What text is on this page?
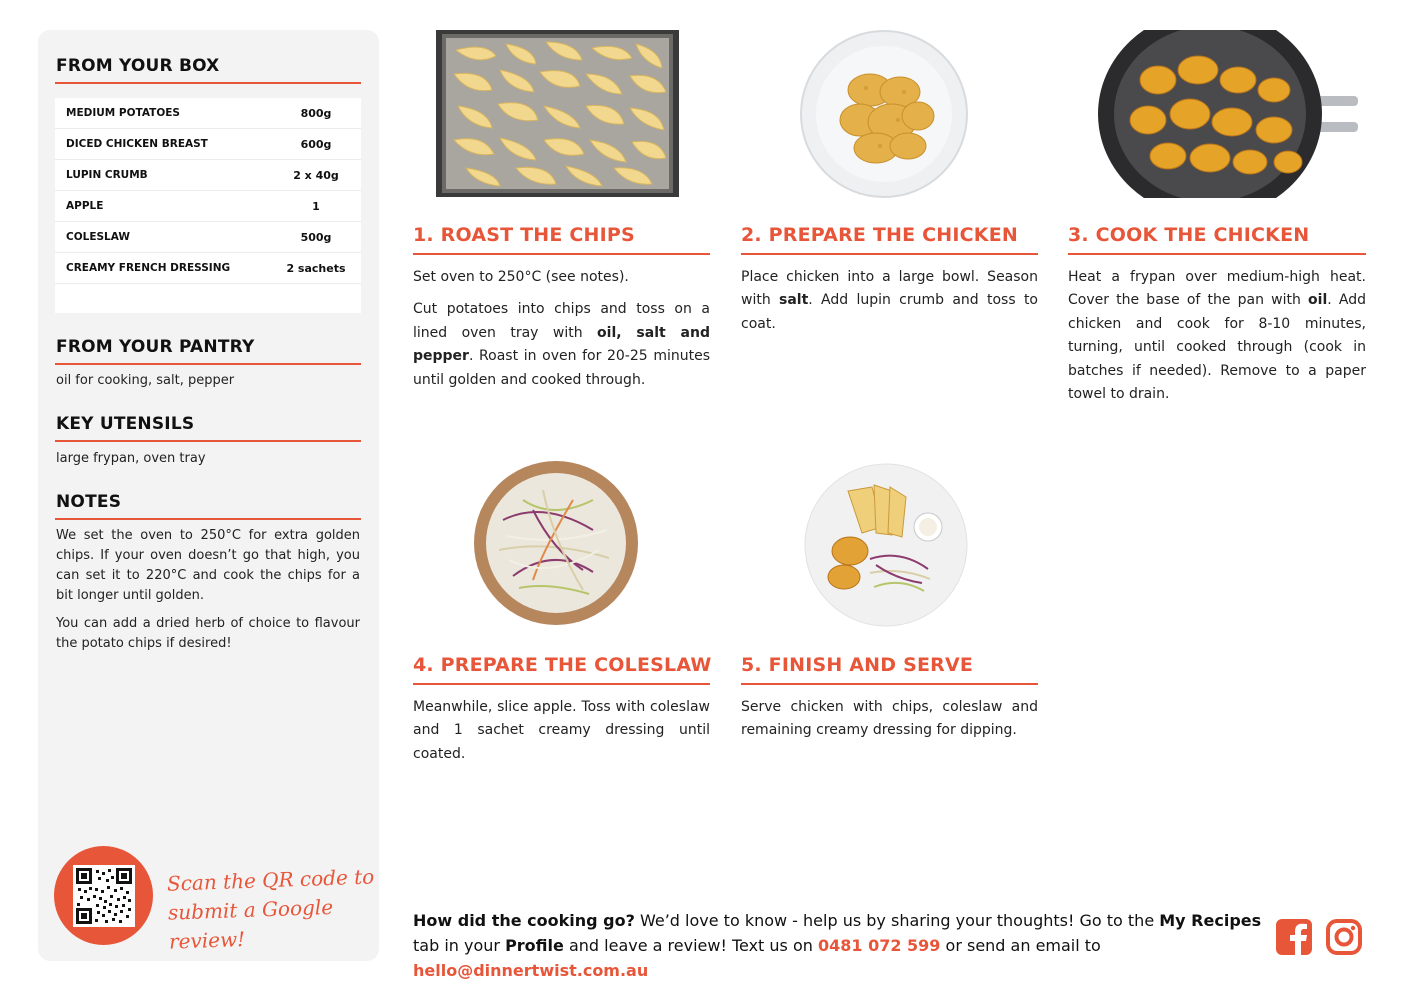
FROM YOUR BOX
MEDIUM POTATOES	800g
DICED CHICKEN BREAST	600g
LUPIN CRUMB	2 x 40g
APPLE	1
COLESLAW	500g
CREAMY FRENCH DRESSING	2 sachets
FROM YOUR PANTRY
oil for cooking, salt, pepper
KEY UTENSILS
large frypan, oven tray
NOTES

We set the oven to 250°C for extra golden chips. If your oven doesn’t go that high, you can set it to 220°C and cook the chips for a bit longer until golden.

You can add a dried herb of choice to flavour the potato chips if desired!

Scan the QR code to
submit a Google review!
1. ROAST THE CHIPS

Set oven to 250°C (see notes).

Cut potatoes into chips and toss on a lined oven tray with oil, salt and pepper. Roast in oven for 20-25 minutes until golden and cooked through.

2. PREPARE THE CHICKEN

Place chicken into a large bowl. Season with salt. Add lupin crumb and toss to coat.

3. COOK THE CHICKEN

Heat a frypan over medium-high heat. Cover the base of the pan with oil. Add chicken and cook for 8-10 minutes, turning, until cooked through (cook in batches if needed). Remove to a paper towel to drain.

4. PREPARE THE COLESLAW

Meanwhile, slice apple. Toss with coleslaw and 1 sachet creamy dressing until coated.

5. FINISH AND SERVE

Serve chicken with chips, coleslaw and remaining creamy dressing for dipping.

How did the cooking go? We’d love to know - help us by sharing your thoughts! Go to the My Recipes tab in your Profile and leave a review! Text us on 0481 072 599 or send an email to hello@dinnertwist.com.au
